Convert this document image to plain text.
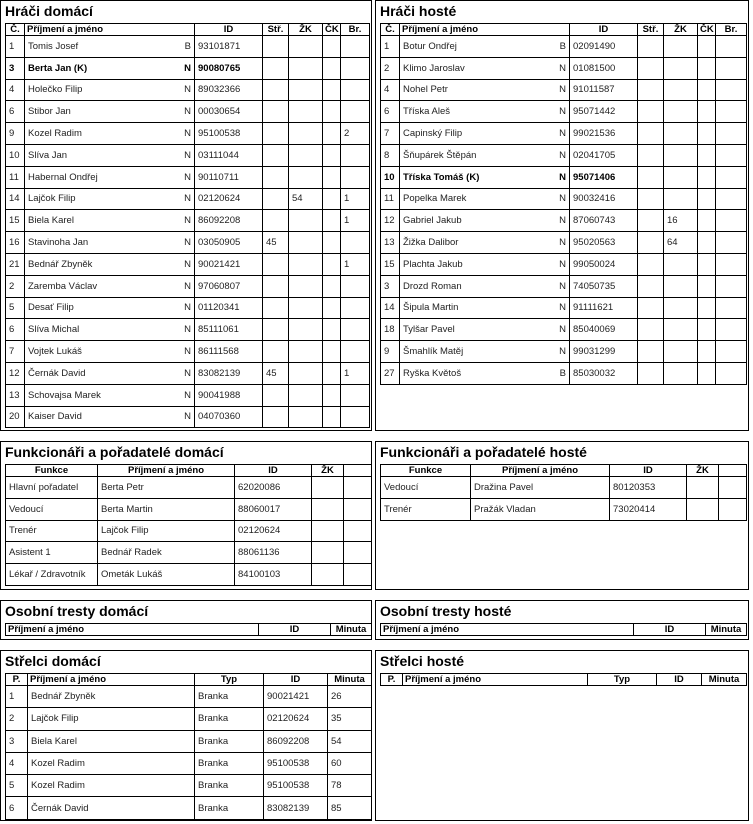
Hráči domácí
Č.	Příjmení a jméno		ID	Stř.	ŽK	ČK	Br.
1	Tomis Josef	B	93101871				
3	Berta Jan (K)	N	90080765				
4	Holečko Filip	N	89032366				
6	Stibor Jan	N	00030654				
9	Kozel Radim	N	95100538				2
10	Slíva Jan	N	03111044				
11	Habernal Ondřej	N	90110711				
14	Lajčok Filip	N	02120624		54		1
15	Biela Karel	N	86092208				1
16	Stavinoha Jan	N	03050905	45			
21	Bednář Zbyněk	N	90021421				1
2	Zaremba Václav	N	97060807				
5	Desať Filip	N	01120341				
6	Slíva Michal	N	85111061				
7	Vojtek Lukáš	N	86111568				
12	Černák David	N	83082139	45			1
13	Schovajsa Marek	N	90041988				
20	Kaiser David	N	04070360				
Hráči hosté
Č.	Příjmení a jméno		ID	Stř.	ŽK	ČK	Br.
1	Botur Ondřej	B	02091490				
2	Klimo Jaroslav	N	01081500				
4	Nohel Petr	N	91011587				
6	Tříska Aleš	N	95071442				
7	Capinský Filip	N	99021536				
8	Šňupárek Štěpán	N	02041705				
10	Tříska Tomáš (K)	N	95071406				
11	Popelka Marek	N	90032416				
12	Gabriel Jakub	N	87060743		16		
13	Žižka Dalibor	N	95020563		64		
15	Plachta Jakub	N	99050024				
3	Drozd Roman	N	74050735				
14	Šipula Martin	N	91111621				
18	Tylšar Pavel	N	85040069				
9	Šmahlík Matěj	N	99031299				
27	Ryška Květoš	B	85030032				
Funkcionáři a pořadatelé domácí
Funkce	Příjmení a jméno	ID	ŽK	
Hlavní pořadatel	Berta Petr	62020086		
Vedoucí	Berta Martin	88060017		
Trenér	Lajčok Filip	02120624		
Asistent 1	Bednář Radek	88061136		
Lékař / Zdravotník	Ometák Lukáš	84100103		
Funkcionáři a pořadatelé hosté
Funkce	Příjmení a jméno	ID	ŽK	
Vedoucí	Dražina Pavel	80120353		
Trenér	Pražák Vladan	73020414		
Osobní tresty domácí
Příjmení a jméno	ID	Minuta
Osobní tresty hosté
Příjmení a jméno	ID	Minuta
Střelci domácí
P.	Příjmení a jméno	Typ	ID	Minuta
1	Bednář Zbyněk	Branka	90021421	26
2	Lajčok Filip	Branka	02120624	35
3	Biela Karel	Branka	86092208	54
4	Kozel Radim	Branka	95100538	60
5	Kozel Radim	Branka	95100538	78
6	Černák David	Branka	83082139	85
Střelci hosté
P.	Příjmení a jméno	Typ	ID	Minuta
